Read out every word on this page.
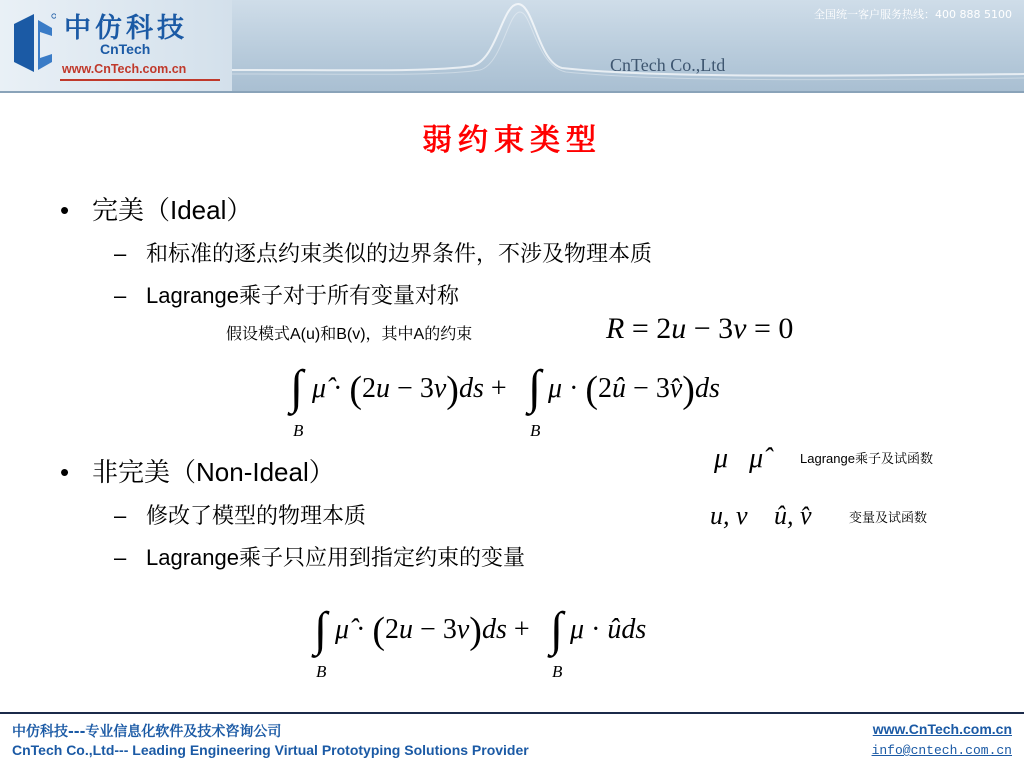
中仿科技
CnTech
www.CnTech.com.cn
全国统一客户服务热线：400 888 5100
CnTech Co.,Ltd
弱约束类型
• 完美（Ideal）
– 和标准的逐点约束类似的边界条件，不涉及物理本质
– Lagrange乘子对于所有变量对称
假设模式A(u)和B(v)，其中A的约束	R = 2u − 3v = 0
∫
B
μ̂ · (2u − 3v)ds + ∫
B
μ · (2û − 3v̂)ds
• 非完美（Non-Ideal）
– 修改了模型的物理本质
– Lagrange乘子只应用到指定约束的变量
μ μ̂	Lagrange乘子及试函数
u, v û, v̂	变量及试函数
∫
B
μ̂ · (2u − 3v)ds + ∫
B
μ · ûds
中仿科技---专业信息化软件及技术咨询公司
CnTech Co.,Ltd--- Leading Engineering Virtual Prototyping Solutions Provider
www.CnTech.com.cn
info@cntech.com.cn
